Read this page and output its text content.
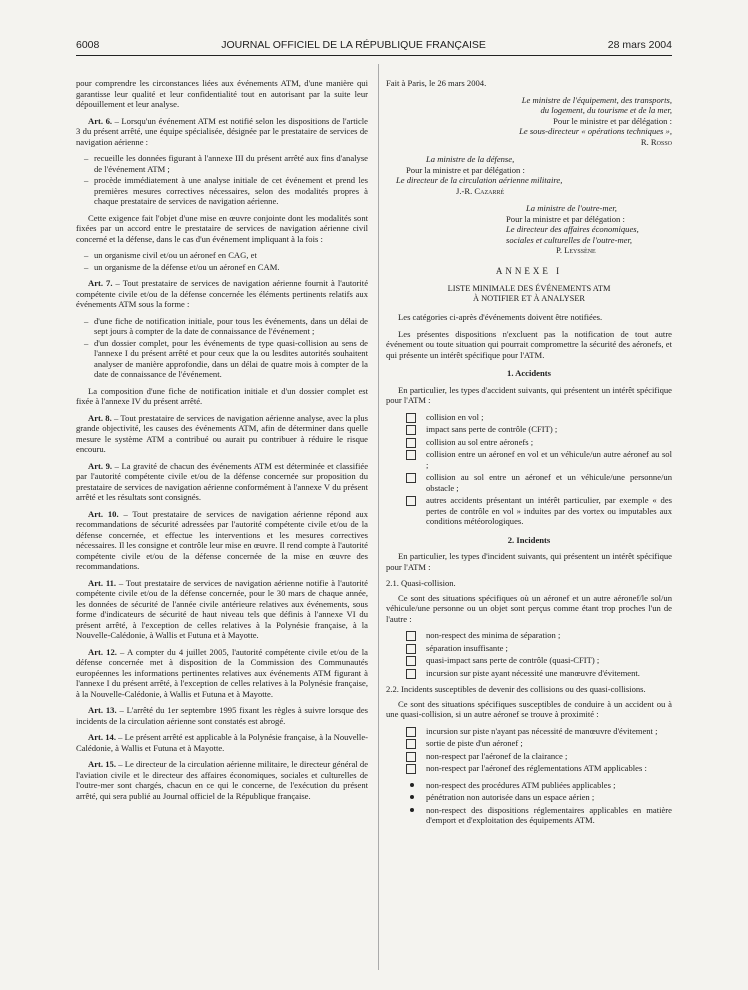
6008	JOURNAL OFFICIEL DE LA RÉPUBLIQUE FRANÇAISE	28 mars 2004

pour comprendre les circonstances liées aux événements ATM, d'une manière qui garantisse leur qualité et leur confidentialité tout en autorisant par la suite leur dépouillement et leur analyse.

Art. 6. – Lorsqu'un événement ATM est notifié selon les dispositions de l'article 3 du présent arrêté, une équipe spécialisée, désignée par le prestataire de services de navigation aérienne :

– recueille les données figurant à l'annexe III du présent arrêté aux fins d'analyse de l'événement ATM ;
– procède immédiatement à une analyse initiale de cet événement et prend les premières mesures correctives nécessaires, selon des modalités propres à chaque prestataire de services de navigation aérienne.

Cette exigence fait l'objet d'une mise en œuvre conjointe dont les modalités sont fixées par un accord entre le prestataire de services de navigation aérienne civil concerné et la défense, dans le cas d'un événement impliquant à la fois :

– un organisme civil et/ou un aéronef en CAG, et
– un organisme de la défense et/ou un aéronef en CAM.

Art. 7. – Tout prestataire de services de navigation aérienne fournit à l'autorité compétente civile et/ou de la défense concernée les éléments pertinents relatifs aux événements ATM sous la forme :

– d'une fiche de notification initiale, pour tous les événements, dans un délai de sept jours à compter de la date de connaissance de l'événement ;
– d'un dossier complet, pour les événements de type quasi-collision au sens de l'annexe I du présent arrêté et pour ceux que la ou lesdites autorités souhaitent analyser de manière approfondie, dans un délai de quatre mois à compter de la date de connaissance de l'événement.

La composition d'une fiche de notification initiale et d'un dossier complet est fixée à l'annexe IV du présent arrêté.

Art. 8. – Tout prestataire de services de navigation aérienne analyse, avec la plus grande objectivité, les causes des événements ATM, afin de déterminer dans quelle mesure le système ATM a contribué ou aurait pu contribuer à réduire le risque encouru.

Art. 9. – La gravité de chacun des événements ATM est déterminée et classifiée par l'autorité compétente civile et/ou de la défense concernée sur proposition du prestataire de services de navigation aérienne conformément à l'annexe V du présent arrêté et les résultats sont consignés.

Art. 10. – Tout prestataire de services de navigation aérienne répond aux recommandations de sécurité adressées par l'autorité compétente civile et/ou de la défense concernée, et effectue les interventions et les mesures correctives nécessaires. Il les consigne et contrôle leur mise en œuvre. Il rend compte à l'autorité compétente civile et/ou de la défense concernée de la mise en œuvre des recommandations.

Art. 11. – Tout prestataire de services de navigation aérienne notifie à l'autorité compétente civile et/ou de la défense concernée, pour le 30 mars de chaque année, les données de sécurité de l'année civile antérieure relatives aux événements, sous forme d'indicateurs de sécurité de haut niveau tels que définis à l'annexe VI du présent arrêté, à l'exception de celles relatives à la Polynésie française, à la Nouvelle-Calédonie, à Wallis et Futuna et à Mayotte.

Art. 12. – A compter du 4 juillet 2005, l'autorité compétente civile et/ou de la défense concernée met à disposition de la Commission des Communautés européennes les informations pertinentes relatives aux événements ATM figurant à l'annexe I du présent arrêté, à l'exception de celles relatives à la Polynésie française, à la Nouvelle-Calédonie, à Wallis et Futuna et à Mayotte.

Art. 13. – L'arrêté du 1er septembre 1995 fixant les règles à suivre lorsque des incidents de la circulation aérienne sont constatés est abrogé.

Art. 14. – Le présent arrêté est applicable à la Polynésie française, à la Nouvelle-Calédonie, à Wallis et Futuna et à Mayotte.

Art. 15. – Le directeur de la circulation aérienne militaire, le directeur général de l'aviation civile et le directeur des affaires économiques, sociales et culturelles de l'outre-mer sont chargés, chacun en ce qui le concerne, de l'exécution du présent arrêté, qui sera publié au Journal officiel de la République française.

Fait à Paris, le 26 mars 2004.

Le ministre de l'équipement, des transports,
du logement, du tourisme et de la mer,
Pour le ministre et par délégation :
Le sous-directeur « opérations techniques »,
R. Rosso
La ministre de la défense,
Pour la ministre et par délégation :
Le directeur de la circulation aérienne militaire,
J.-R. Cazarré
La ministre de l'outre-mer,
Pour la ministre et par délégation :
Le directeur des affaires économiques,
sociales et culturelles de l'outre-mer,
P. Leyssène
ANNEXE I
LISTE MINIMALE DES ÉVÉNEMENTS ATM
À NOTIFIER ET À ANALYSER

Les catégories ci-après d'événements doivent être notifiées.

Les présentes dispositions n'excluent pas la notification de tout autre événement ou toute situation qui pourrait compromettre la sécurité des aéronefs, et qui présente un intérêt spécifique pour l'ATM.

1. Accidents

En particulier, les types d'accident suivants, qui présentent un intérêt spécifique pour l'ATM :

collision en vol ;
impact sans perte de contrôle (CFIT) ;
collision au sol entre aéronefs ;
collision entre un aéronef en vol et un véhicule/un autre aéronef au sol ;
collision au sol entre un aéronef et un véhicule/une personne/un obstacle ;
autres accidents présentant un intérêt particulier, par exemple « des pertes de contrôle en vol » induites par des vortex ou imputables aux conditions météorologiques.
2. Incidents

En particulier, les types d'incident suivants, qui présentent un intérêt spécifique pour l'ATM :

2.1. Quasi-collision.

Ce sont des situations spécifiques où un aéronef et un autre aéronef/le sol/un véhicule/une personne ou un objet sont perçus comme étant trop proches l'un de l'autre :

non-respect des minima de séparation ;
séparation insuffisante ;
quasi-impact sans perte de contrôle (quasi-CFIT) ;
incursion sur piste ayant nécessité une manœuvre d'évitement.
2.2. Incidents susceptibles de devenir des collisions ou des quasi-collisions.

Ce sont des situations spécifiques susceptibles de conduire à un accident ou à une quasi-collision, si un autre aéronef se trouve à proximité :

incursion sur piste n'ayant pas nécessité de manœuvre d'évitement ;
sortie de piste d'un aéronef ;
non-respect par l'aéronef de la clairance ;
non-respect par l'aéronef des réglementations ATM applicables :
non-respect des procédures ATM publiées applicables ;
pénétration non autorisée dans un espace aérien ;
non-respect des dispositions réglementaires applicables en matière d'emport et d'exploitation des équipements ATM.
